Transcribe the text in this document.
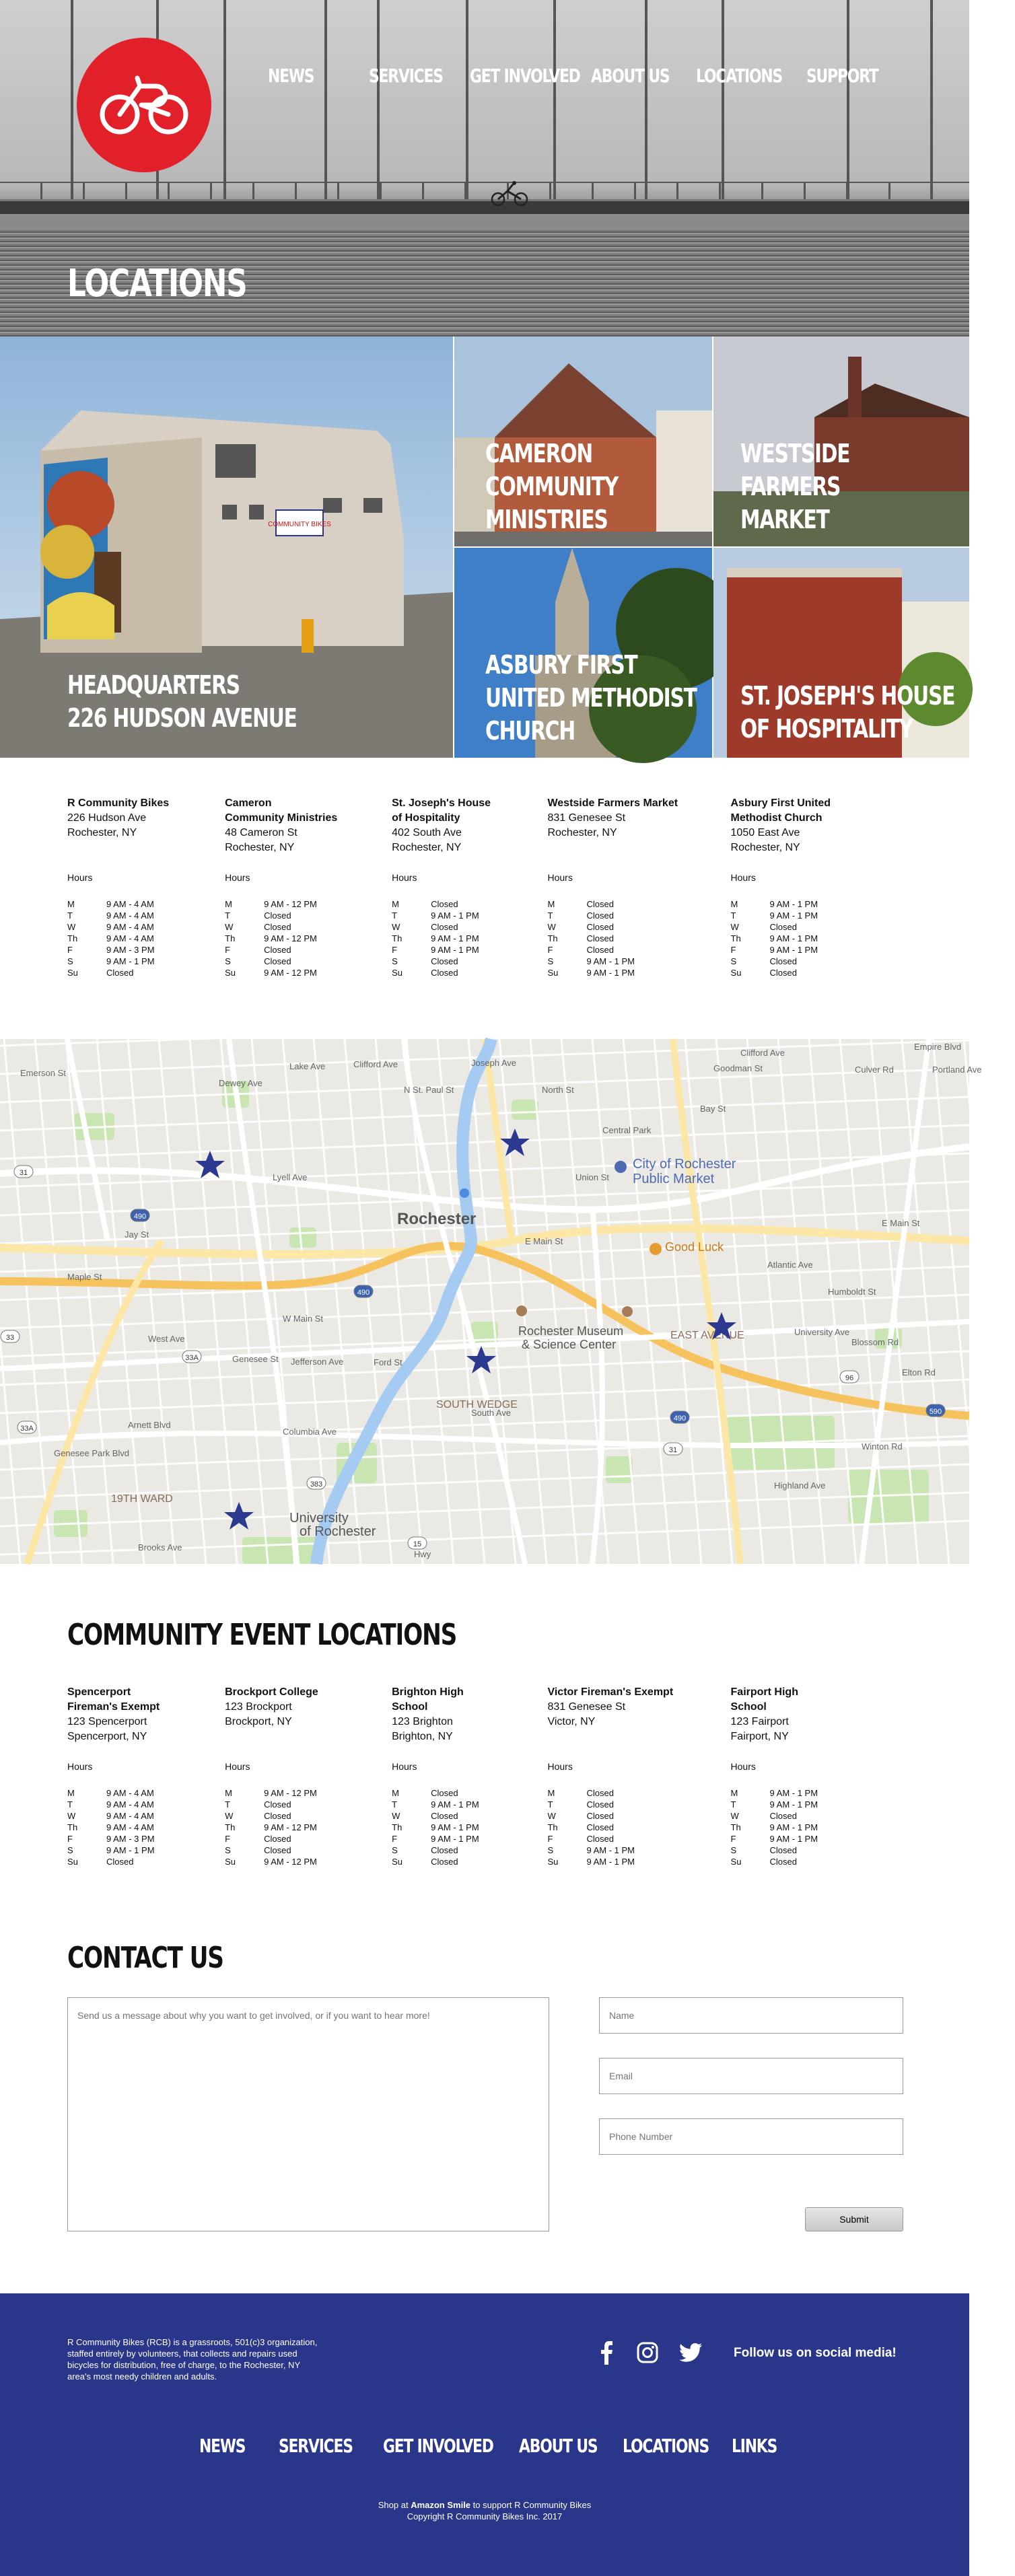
NEWS	SERVICES	GET INVOLVED ABOUT US	LOCATIONS	SUPPORT
LOCATIONS
COMMUNITY BIKES
HEADQUARTERS
226 HUDSON AVENUE
CAMERON
COMMUNITY
MINISTRIES
WESTSIDE
FARMERS
MARKET
ASBURY FIRST
UNITED METHODIST
CHURCH
ST. JOSEPH'S HOUSE
OF HOSPITALITY
R Community Bikes
226 Hudson Ave
Rochester, NY
Hours
M	9 AM - 4 AM
T	9 AM - 4 AM
W	9 AM - 4 AM
Th	9 AM - 4 AM
F	9 AM - 3 PM
S	9 AM - 1 PM
Su	Closed
Cameron
Community Ministries
48 Cameron St
Rochester, NY
Hours
M	9 AM - 12 PM
T	Closed
W	Closed
Th	9 AM - 12 PM
F	Closed
S	Closed
Su	9 AM - 12 PM
St. Joseph's House
of Hospitality
402 South Ave
Rochester, NY
Hours
M	Closed
T	9 AM - 1 PM
W	Closed
Th	9 AM - 1 PM
F	9 AM - 1 PM
S	Closed
Su	Closed
Westside Farmers Market
831 Genesee St
Rochester, NY
Hours
M	Closed
T	Closed
W	Closed
Th	Closed
F	Closed
S	9 AM - 1 PM
Su	9 AM - 1 PM
Asbury First United
Methodist Church
1050 East Ave
Rochester, NY
Hours
M	9 AM - 1 PM
T	9 AM - 1 PM
W	Closed
Th	9 AM - 1 PM
F	9 AM - 1 PM
S	Closed
Su	Closed
Rochester
City of Rochester
Public Market
Good Luck
Rochester Museum
& Science Center
EAST AVENUE
SOUTH WEDGE
19TH WARD
University
of Rochester
Lyell Ave
Emerson St
Clifford Ave
Clifford Ave
Empire Blvd
Bay St
Central Park
Jay St
Maple St
West Ave
W Main St
E Main St
E Main St
Atlantic Ave
Humboldt St
Blossom Rd
University Ave
Arnett Blvd
Columbia Ave
Brooks Ave
Highland Ave
Genesee St
Genesee Park Blvd
Jefferson Ave	Ford St
South Ave
Lake Ave
Dewey Ave
N St. Paul St
Joseph Ave
North St
Union St
Goodman St	Culver Rd	Portland Ave
Winton Rd
Elton Rd
Hwy
31
31
33
33A
33A
490
490
490
96
383
15
590
COMMUNITY EVENT LOCATIONS
Spencerport
Fireman's Exempt
123 Spencerport
Spencerport, NY
Hours
M	9 AM - 4 AM
T	9 AM - 4 AM
W	9 AM - 4 AM
Th	9 AM - 4 AM
F	9 AM - 3 PM
S	9 AM - 1 PM
Su	Closed
Brockport College
123 Brockport
Brockport, NY
Hours
M	9 AM - 12 PM
T	Closed
W	Closed
Th	9 AM - 12 PM
F	Closed
S	Closed
Su	9 AM - 12 PM
Brighton High
School
123 Brighton
Brighton, NY
Hours
M	Closed
T	9 AM - 1 PM
W	Closed
Th	9 AM - 1 PM
F	9 AM - 1 PM
S	Closed
Su	Closed
Victor Fireman's Exempt
831 Genesee St
Victor, NY
Hours
M	Closed
T	Closed
W	Closed
Th	Closed
F	Closed
S	9 AM - 1 PM
Su	9 AM - 1 PM
Fairport High
School
123 Fairport
Fairport, NY
Hours
M	9 AM - 1 PM
T	9 AM - 1 PM
W	Closed
Th	9 AM - 1 PM
F	9 AM - 1 PM
S	Closed
Su	Closed
CONTACT US
Send us a message about why you want to get involved, or if you want to hear more!
Name
Email
Phone Number
Submit
R Community Bikes (RCB) is a grassroots, 501(c)3 organization,
staffed entirely by volunteers, that collects and repairs used
bicycles for distribution, free of charge, to the Rochester, NY
area's most needy children and adults.
Follow us on social media!
NEWS	SERVICES	GET INVOLVED	ABOUT US	LOCATIONS	LINKS
Shop at Amazon Smile to support R Community Bikes
Copyright R Community Bikes Inc. 2017
